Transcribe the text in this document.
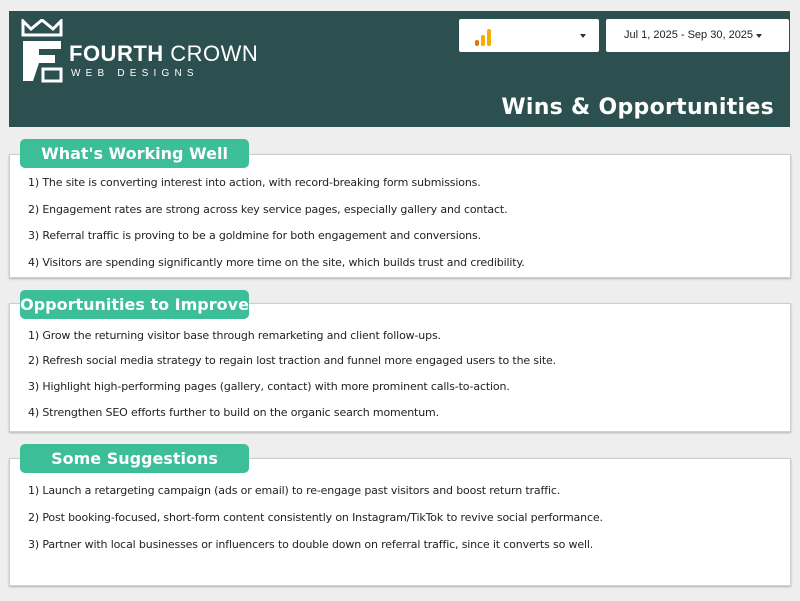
FOURTH CROWN
WEB DESIGNS
Jul 1, 2025 - Sep 30, 2025
Wins & Opportunities
1) The site is converting interest into action, with record-breaking form submissions.
2) Engagement rates are strong across key service pages, especially gallery and contact.
3) Referral traffic is proving to be a goldmine for both engagement and conversions.
4) Visitors are spending significantly more time on the site, which builds trust and credibility.
What's Working Well
1) Grow the returning visitor base through remarketing and client follow-ups.
2) Refresh social media strategy to regain lost traction and funnel more engaged users to the site.
3) Highlight high-performing pages (gallery, contact) with more prominent calls-to-action.
4) Strengthen SEO efforts further to build on the organic search momentum.
Opportunities to Improve
1) Launch a retargeting campaign (ads or email) to re-engage past visitors and boost return traffic.
2) Post booking-focused, short-form content consistently on Instagram/TikTok to revive social performance.
3) Partner with local businesses or influencers to double down on referral traffic, since it converts so well.
Some Suggestions
